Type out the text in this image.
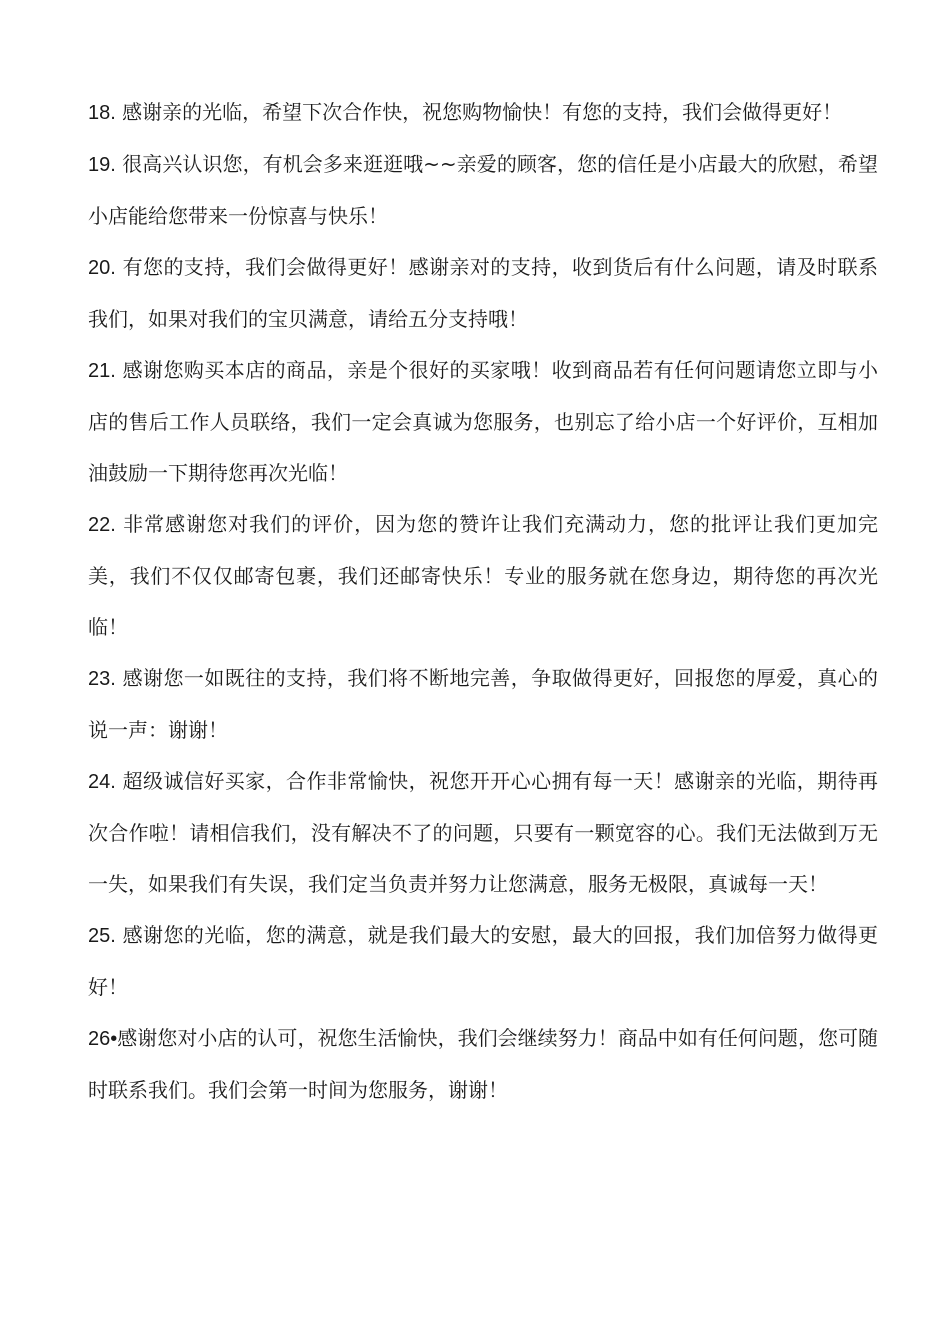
18. 感谢亲的光临，希望下次合作快，祝您购物愉快！有您的支持，我们会做得更好！

19. 很高兴认识您，有机会多来逛逛哦~~亲爱的顾客，您的信任是小店最大的欣慰，希望小店能给您带来一份惊喜与快乐！

20. 有您的支持，我们会做得更好！感谢亲对的支持，收到货后有什么问题，请及时联系我们，如果对我们的宝贝满意，请给五分支持哦！

21. 感谢您购买本店的商品，亲是个很好的买家哦！收到商品若有任何问题请您立即与小店的售后工作人员联络，我们一定会真诚为您服务，也别忘了给小店一个好评价，互相加油鼓励一下期待您再次光临！

22. 非常感谢您对我们的评价，因为您的赞许让我们充满动力，您的批评让我们更加完美，我们不仅仅邮寄包裹，我们还邮寄快乐！专业的服务就在您身边，期待您的再次光临！

23. 感谢您一如既往的支持，我们将不断地完善，争取做得更好，回报您的厚爱，真心的说一声：谢谢！

24. 超级诚信好买家，合作非常愉快，祝您开开心心拥有每一天！感谢亲的光临，期待再次合作啦！请相信我们，没有解决不了的问题，只要有一颗宽容的心。我们无法做到万无一失，如果我们有失误，我们定当负责并努力让您满意，服务无极限，真诚每一天！

25. 感谢您的光临，您的满意，就是我们最大的安慰，最大的回报，我们加倍努力做得更好！

26•感谢您对小店的认可，祝您生活愉快，我们会继续努力！商品中如有任何问题，您可随时联系我们。我们会第一时间为您服务，谢谢！
